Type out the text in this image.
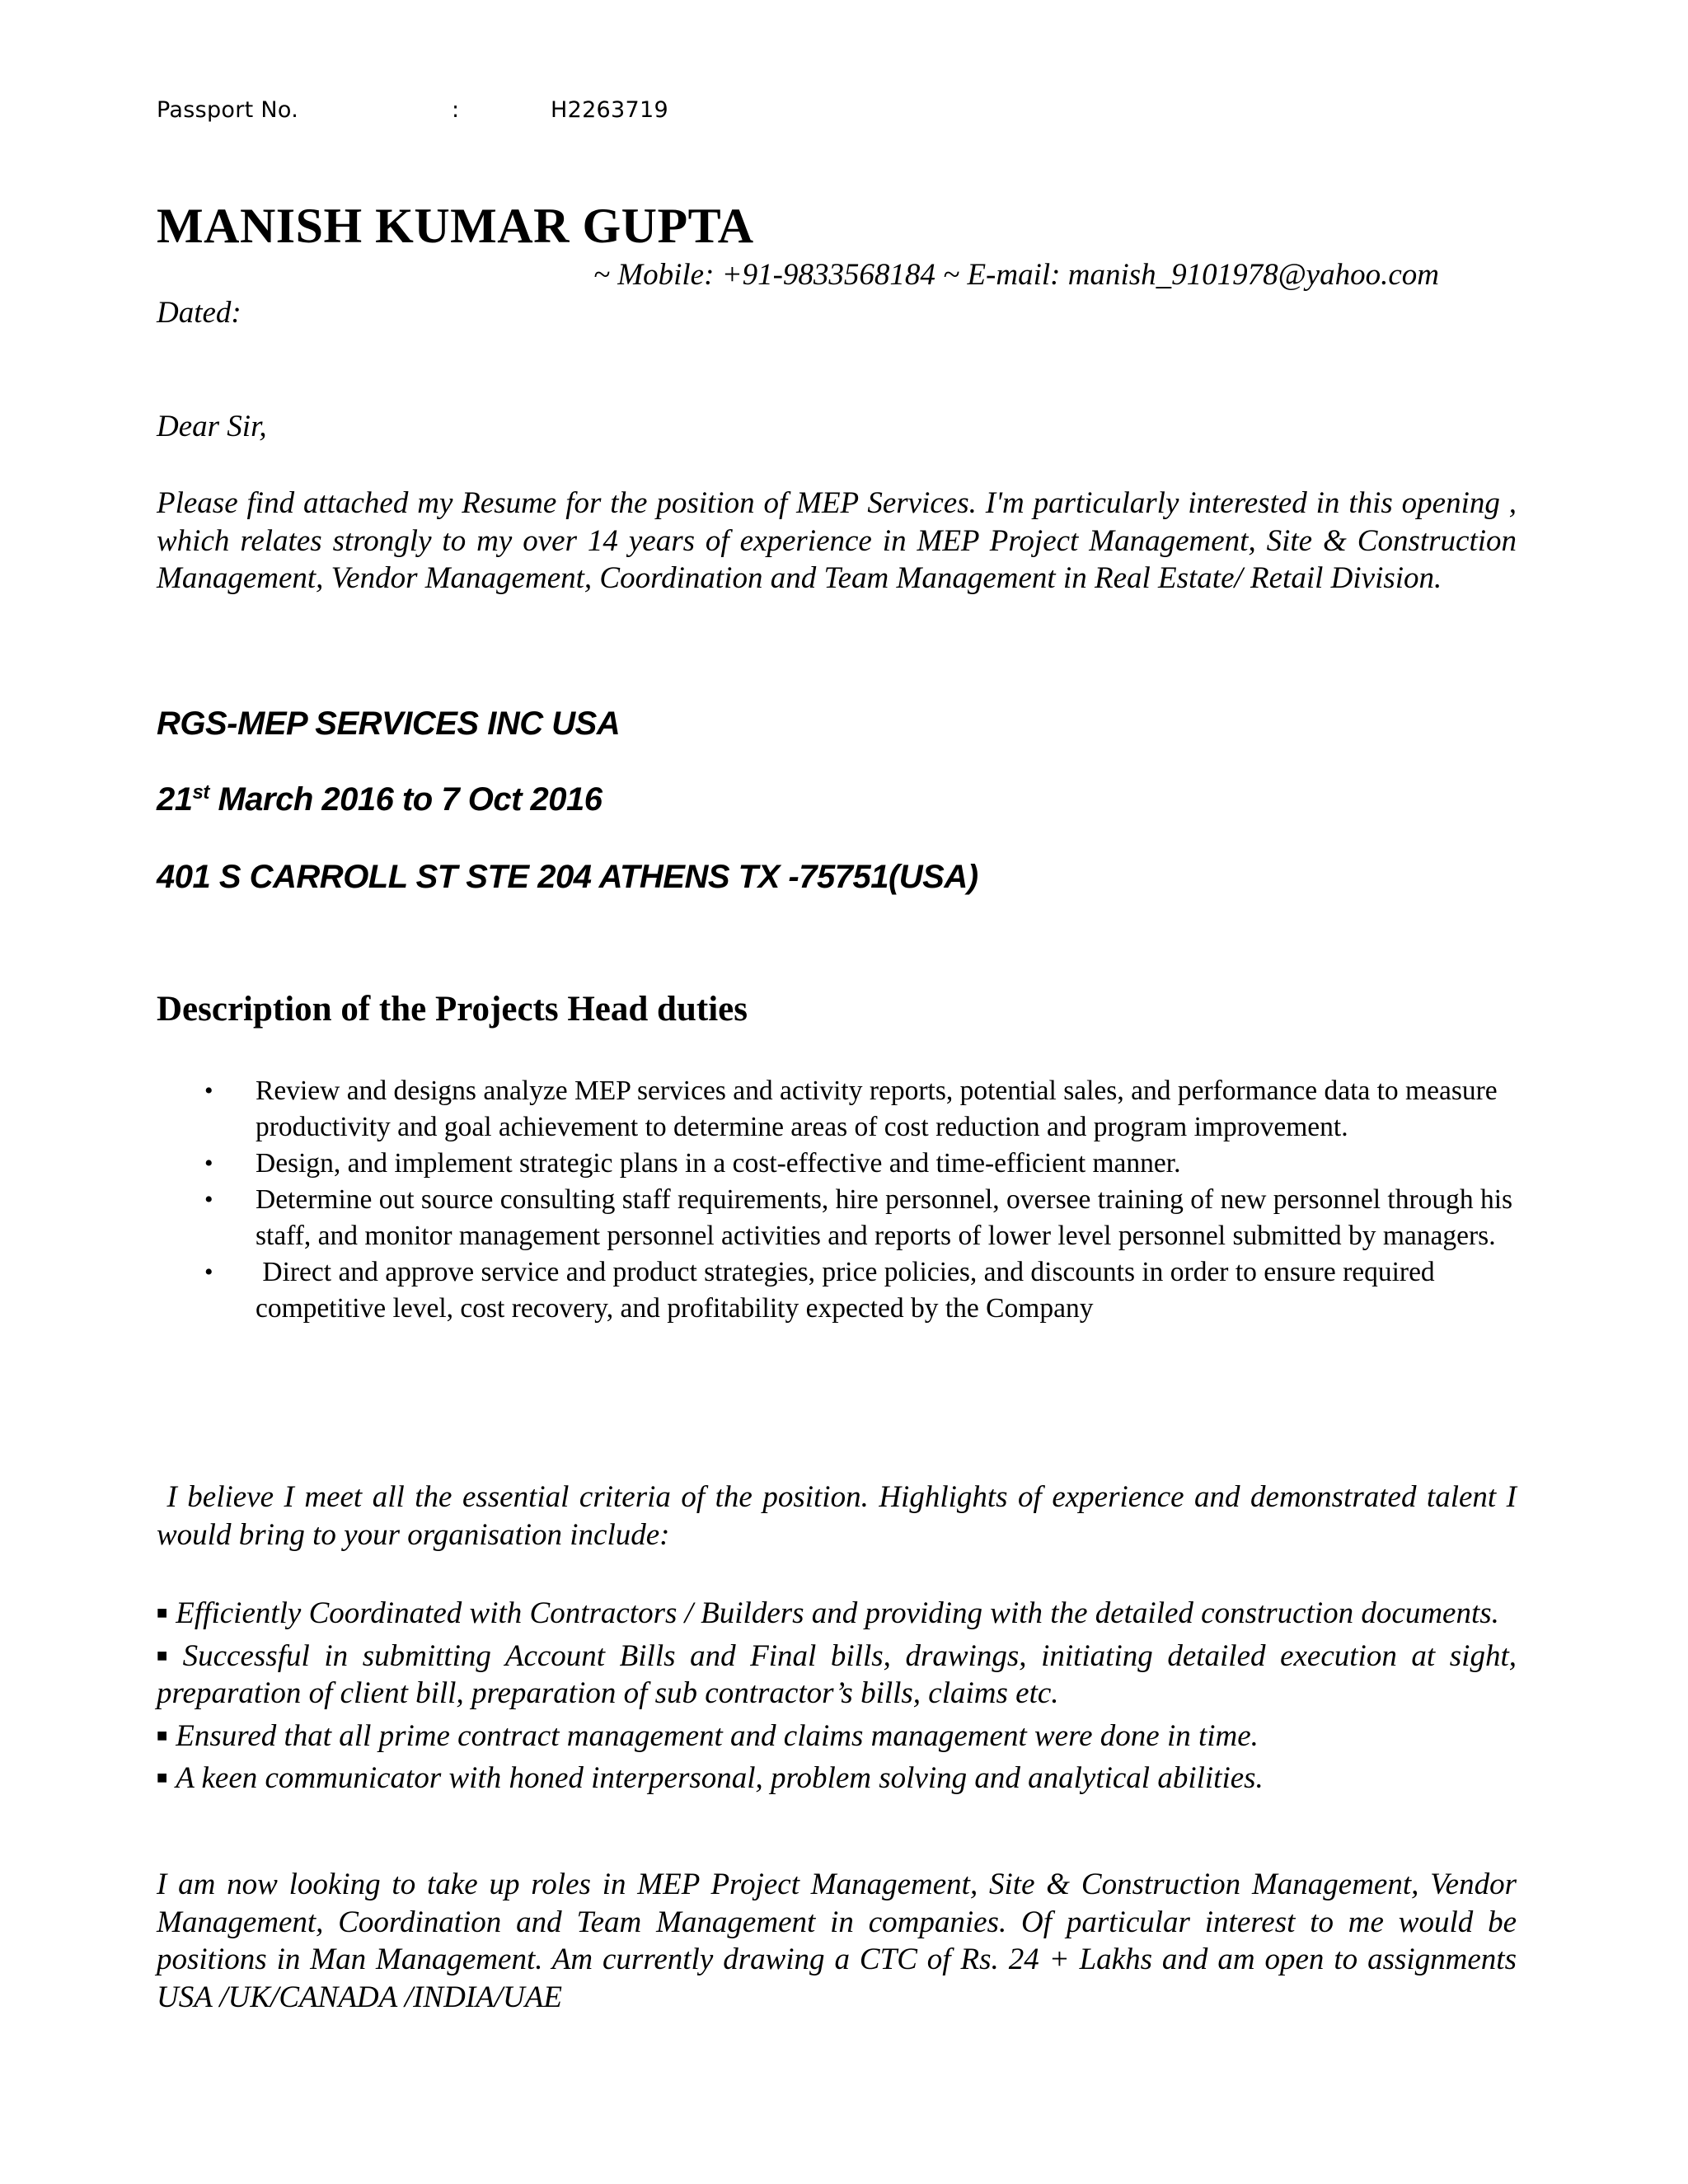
Passport No.	:	H2263719
MANISH KUMAR GUPTA
~ Mobile: +91-9833568184 ~ E-mail: manish_9101978@yahoo.com
Dated:
Dear Sir,
Please find attached my Resume for the position of MEP Services. I'm particularly interested in this opening , which relates strongly to my over 14 years of experience in MEP Project Management, Site & Construction Management, Vendor Management, Coordination and Team Management in Real Estate/ Retail Division.
RGS-MEP SERVICES INC USA
21st March 2016 to 7 Oct 2016
401 S CARROLL ST STE 204 ATHENS TX -75751(USA)
Description of the Projects Head duties
• Review and designs analyze MEP services and activity reports, potential sales, and performance data to measure productivity and goal achievement to determine areas of cost reduction and program improvement.
• Design, and implement strategic plans in a cost-effective and time-efficient manner.
• Determine out source consulting staff requirements, hire personnel, oversee training of new personnel through his staff, and monitor management personnel activities and reports of lower level personnel submitted by managers.
• Direct and approve service and product strategies, price policies, and discounts in order to ensure required competitive level, cost recovery, and profitability expected by the Company
I believe I meet all the essential criteria of the position. Highlights of experience and demonstrated talent I would bring to your organisation include:
■ Efficiently Coordinated with Contractors / Builders and providing with the detailed construction documents.
■ Successful in submitting Account Bills and Final bills, drawings, initiating detailed execution at sight, preparation of client bill, preparation of sub contractor’s bills, claims etc.
■ Ensured that all prime contract management and claims management were done in time.
■ A keen communicator with honed interpersonal, problem solving and analytical abilities.
I am now looking to take up roles in MEP Project Management, Site & Construction Management, Vendor Management, Coordination and Team Management in companies. Of particular interest to me would be positions in Man Management. Am currently drawing a CTC of Rs. 24 + Lakhs and am open to assignments USA /UK/CANADA /INDIA/UAE
